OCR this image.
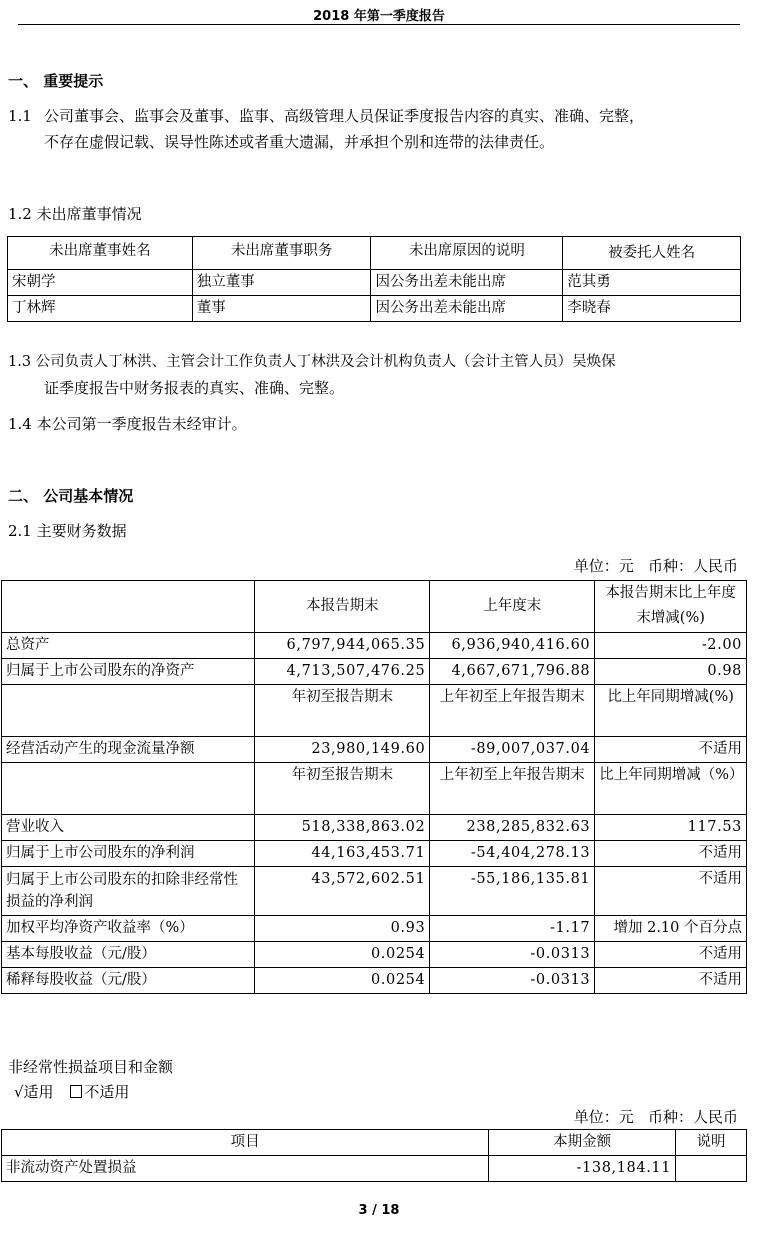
2018 年第一季度报告
一、 重要提示
1.1 公司董事会、监事会及董事、监事、高级管理人员保证季度报告内容的真实、准确、完整，
不存在虚假记载、误导性陈述或者重大遗漏，并承担个别和连带的法律责任。
1.2 未出席董事情况
未出席董事姓名	未出席董事职务	未出席原因的说明	被委托人姓名
宋朝学	独立董事	因公务出差未能出席	范其勇
丁林辉	董事	因公务出差未能出席	李晓春
1.3 公司负责人丁林洪、主管会计工作负责人丁林洪及会计机构负责人（会计主管人员）吴焕保
证季度报告中财务报表的真实、准确、完整。
1.4 本公司第一季度报告未经审计。
二、 公司基本情况
2.1 主要财务数据
单位：元   币种：人民币
	本报告期末	上年度末	本报告期末比上年度末增减(%)
总资产	6,797,944,065.35	6,936,940,416.60	-2.00
归属于上市公司股东的净资产	4,713,507,476.25	4,667,671,796.88	0.98
	年初至报告期末	上年初至上年报告期末	比上年同期增减(%)
经营活动产生的现金流量净额	23,980,149.60	-89,007,037.04	不适用
	年初至报告期末	上年初至上年报告期末	比上年同期增减（%）
营业收入	518,338,863.02	238,285,832.63	117.53
归属于上市公司股东的净利润	44,163,453.71	-54,404,278.13	不适用
归属于上市公司股东的扣除非经常性损益的净利润	43,572,602.51	-55,186,135.81	不适用
加权平均净资产收益率（%）	0.93	-1.17	增加 2.10 个百分点
基本每股收益（元/股）	0.0254	-0.0313	不适用
稀释每股收益（元/股）	0.0254	-0.0313	不适用
非经常性损益项目和金额
√适用 不适用
单位：元   币种：人民币
项目	本期金额	说明
非流动资产处置损益	-138,184.11	
3 / 18
